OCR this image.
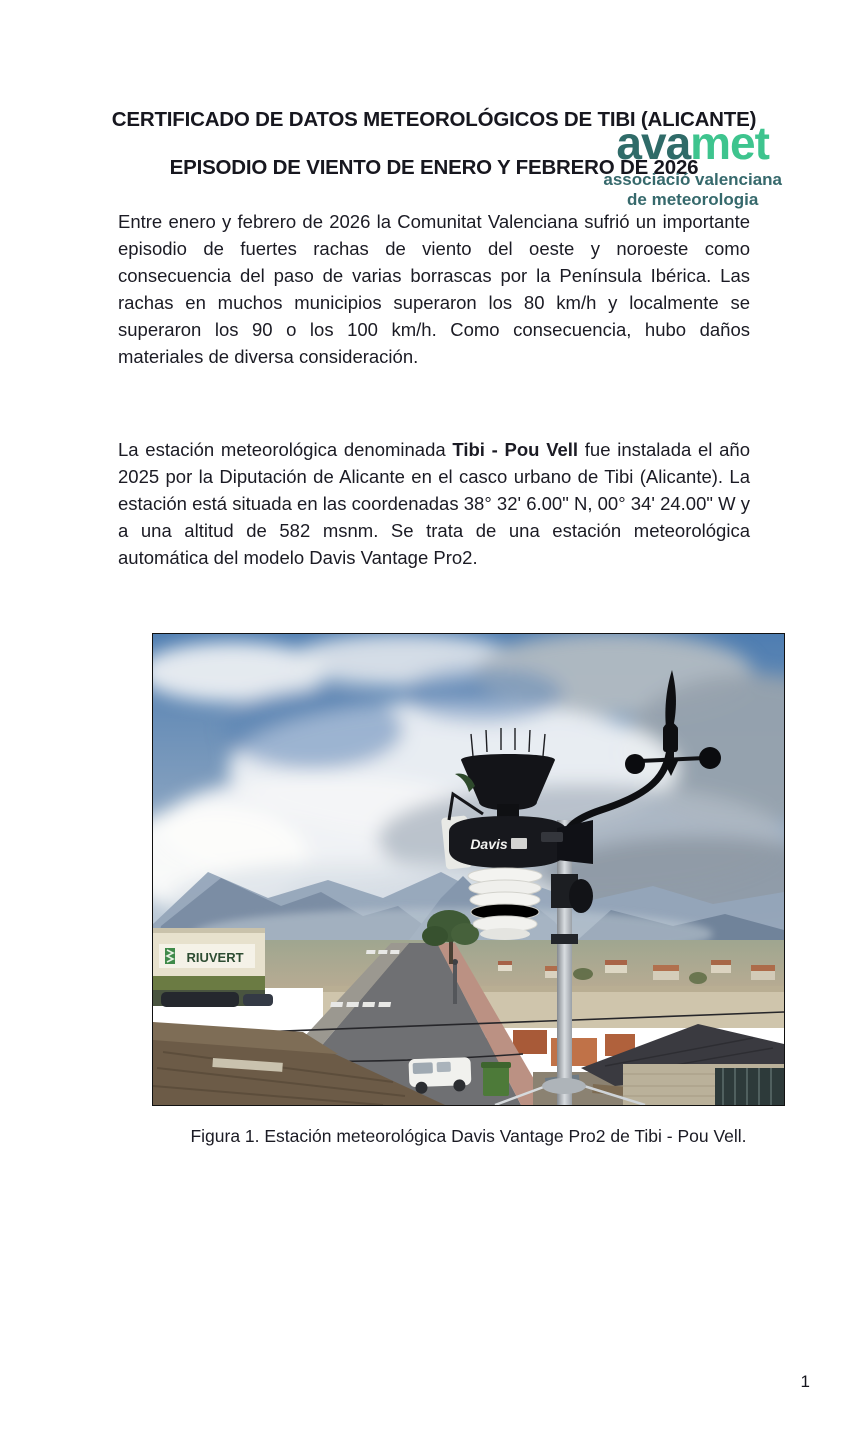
avamet
associació valenciana
de meteorologia
CERTIFICADO DE DATOS METEOROLÓGICOS DE TIBI (ALICANTE)
EPISODIO DE VIENTO DE ENERO Y FEBRERO DE 2026

Entre enero y febrero de 2026 la Comunitat Valenciana sufrió un importante episodio de fuertes rachas de viento del oeste y noroeste como consecuencia del paso de varias borrascas por la Península Ibérica. Las rachas en muchos municipios superaron los 80 km/h y localmente se superaron los 90 o los 100 km/h. Como consecuencia, hubo daños materiales de diversa consideración.

La estación meteorológica denominada Tibi - Pou Vell fue instalada el año 2025 por la Diputación de Alicante en el casco urbano de Tibi (Alicante). La estación está situada en las coordenadas 38° 32' 6.00" N, 00° 34' 24.00" W y a una altitud de 582 msnm. Se trata de una estación meteorológica automática del modelo Davis Vantage Pro2.

RIUVERT
Davis
Figura 1. Estación meteorológica Davis Vantage Pro2 de Tibi - Pou Vell.
1
